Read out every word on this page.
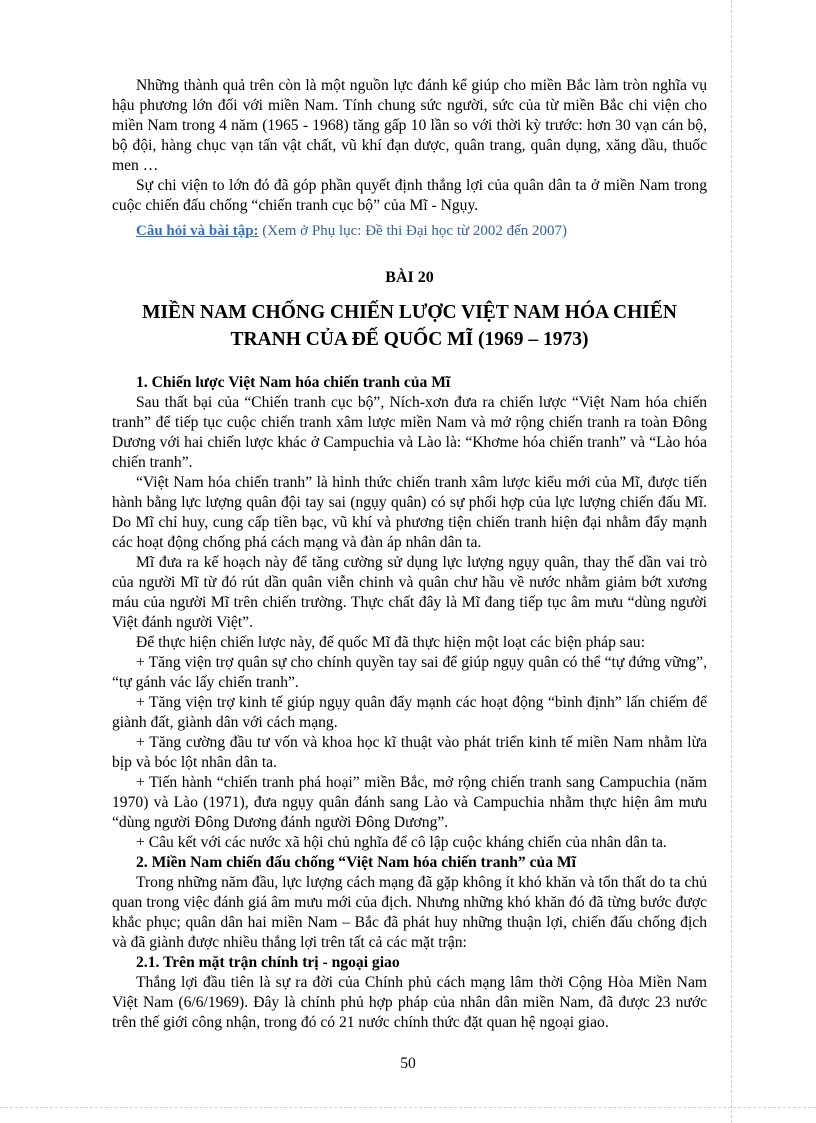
Những thành quả trên còn là một nguồn lực đánh kể giúp cho miền Bắc làm tròn nghĩa vụ hậu phương lớn đối với miền Nam. Tính chung sức người, sức của từ miền Bắc chi viện cho miền Nam trong 4 năm (1965 - 1968) tăng gấp 10 lần so với thời kỳ trước: hơn 30 vạn cán bộ, bộ đội, hàng chục vạn tấn vật chất, vũ khí đạn dược, quân trang, quân dụng, xăng dầu, thuốc men …

Sự chi viện to lớn đó đã góp phần quyết định thắng lợi của quân dân ta ở miền Nam trong cuộc chiến đấu chống “chiến tranh cục bộ” của Mĩ - Ngụy.

Câu hỏi và bài tập: (Xem ở Phụ lục: Đề thi Đại học từ 2002 đến 2007)

BÀI 20
MIỀN NAM CHỐNG CHIẾN LƯỢC VIỆT NAM HÓA CHIẾN
TRANH CỦA ĐẾ QUỐC MĨ (1969 – 1973)

1. Chiến lược Việt Nam hóa chiến tranh của Mĩ

Sau thất bại của “Chiến tranh cục bộ”, Ních-xơn đưa ra chiến lược “Việt Nam hóa chiến tranh” để tiếp tục cuộc chiến tranh xâm lược miền Nam và mở rộng chiến tranh ra toàn Đông Dương với hai chiến lược khác ở Campuchia và Lào là: “Khơme hóa chiến tranh” và “Lào hóa chiến tranh”.

“Việt Nam hóa chiến tranh” là hình thức chiến tranh xâm lược kiểu mới của Mĩ, được tiến hành bằng lực lượng quân đội tay sai (ngụy quân) có sự phối hợp của lực lượng chiến đấu Mĩ. Do Mĩ chỉ huy, cung cấp tiền bạc, vũ khí và phương tiện chiến tranh hiện đại nhằm đẩy mạnh các hoạt động chống phá cách mạng và đàn áp nhân dân ta.

Mĩ đưa ra kế hoạch này để tăng cường sử dụng lực lượng ngụy quân, thay thế dần vai trò của người Mĩ từ đó rút dần quân viễn chinh và quân chư hầu về nước nhằm giảm bớt xương máu của người Mĩ trên chiến trường. Thực chất đây là Mĩ đang tiếp tục âm mưu “dùng người Việt đánh người Việt”.

Để thực hiện chiến lược này, đế quốc Mĩ đã thực hiện một loạt các biện pháp sau:

+ Tăng viện trợ quân sự cho chính quyền tay sai để giúp ngụy quân có thể “tự đứng vững”, “tự gánh vác lấy chiến tranh”.

+ Tăng viện trợ kinh tế giúp ngụy quân đẩy mạnh các hoạt động “bình định” lấn chiếm để giành đất, giành dân với cách mạng.

+ Tăng cường đầu tư vốn và khoa học kĩ thuật vào phát triển kinh tế miền Nam nhằm lừa bịp và bóc lột nhân dân ta.

+ Tiến hành “chiến tranh phá hoại” miền Bắc, mở rộng chiến tranh sang Campuchia (năm 1970) và Lào (1971), đưa ngụy quân đánh sang Lào và Campuchia nhằm thực hiện âm mưu “dùng người Đông Dương đánh người Đông Dương”.

+ Câu kết với các nước xã hội chủ nghĩa để cô lập cuộc kháng chiến của nhân dân ta.

2. Miền Nam chiến đấu chống “Việt Nam hóa chiến tranh” của Mĩ

Trong những năm đầu, lực lượng cách mạng đã gặp không ít khó khăn và tổn thất do ta chủ quan trong việc đánh giá âm mưu mới của địch. Nhưng những khó khăn đó đã từng bước được khắc phục; quân dân hai miền Nam – Bắc đã phát huy những thuận lợi, chiến đấu chống địch và đã giành được nhiều thắng lợi trên tất cả các mặt trận:

2.1. Trên mặt trận chính trị - ngoại giao

Thắng lợi đầu tiên là sự ra đời của Chính phủ cách mạng lâm thời Cộng Hòa Miền Nam Việt Nam (6/6/1969). Đây là chính phủ hợp pháp của nhân dân miền Nam, đã được 23 nước trên thế giới công nhận, trong đó có 21 nước chính thức đặt quan hệ ngoại giao.

50
